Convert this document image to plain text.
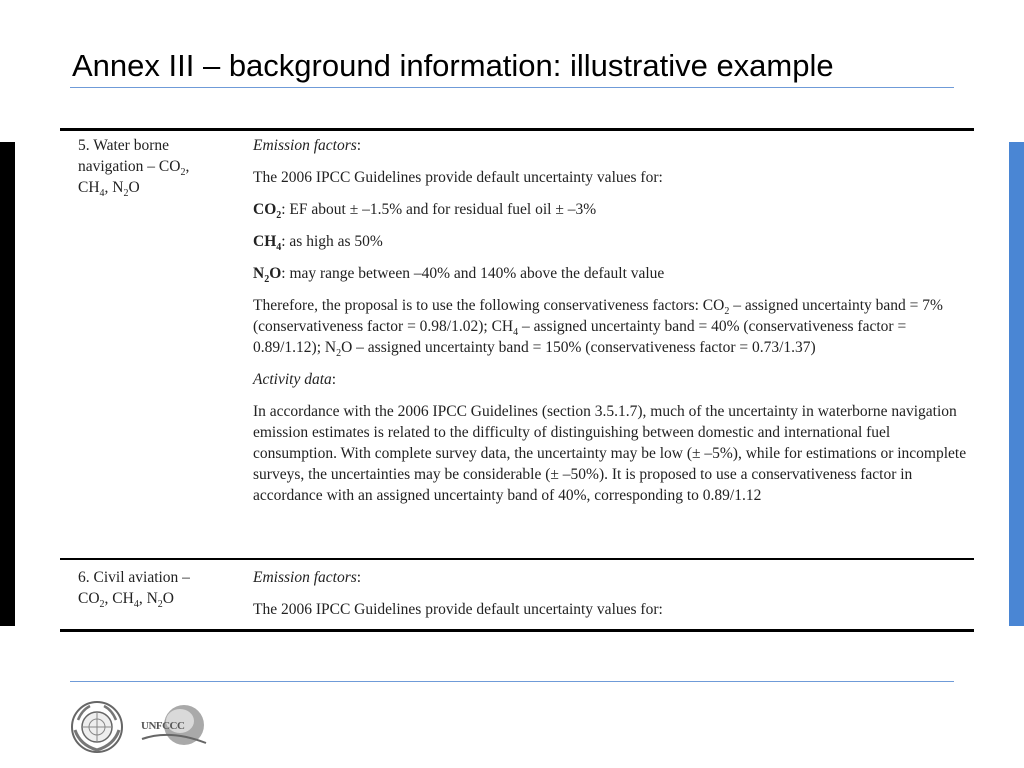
Annex III – background information: illustrative example
5. Water borne
navigation – $CO_2$,
$CH_4$, $N_2O$

Emission factors:

The 2006 IPCC Guidelines provide default uncertainty values for:

$CO_2$: EF about ± –1.5% and for residual fuel oil ± –3%

$CH_4$: as high as 50%

$N_2O$: may range between –40% and 140% above the default value

Therefore, the proposal is to use the following conservativeness factors: $CO_2$ – assigned uncertainty band = 7% (conservativeness factor = 0.98/1.02); $CH_4$ – assigned uncertainty band = 40% (conservativeness factor = 0.89/1.12); $N_2O$ – assigned uncertainty band = 150% (conservativeness factor = 0.73/1.37)

Activity data:

In accordance with the 2006 IPCC Guidelines (section 3.5.1.7), much of the uncertainty in waterborne navigation emission estimates is related to the difficulty of distinguishing between domestic and international fuel consumption. With complete survey data, the uncertainty may be low (± –5%), while for estimations or incomplete surveys, the uncertainties may be considerable (± –50%). It is proposed to use a conservativeness factor in accordance with an assigned uncertainty band of 40%, corresponding to 0.89/1.12

6. Civil aviation –
$CO_2$, $CH_4$, $N_2O$

Emission factors:

The 2006 IPCC Guidelines provide default uncertainty values for:

UNFCCC
